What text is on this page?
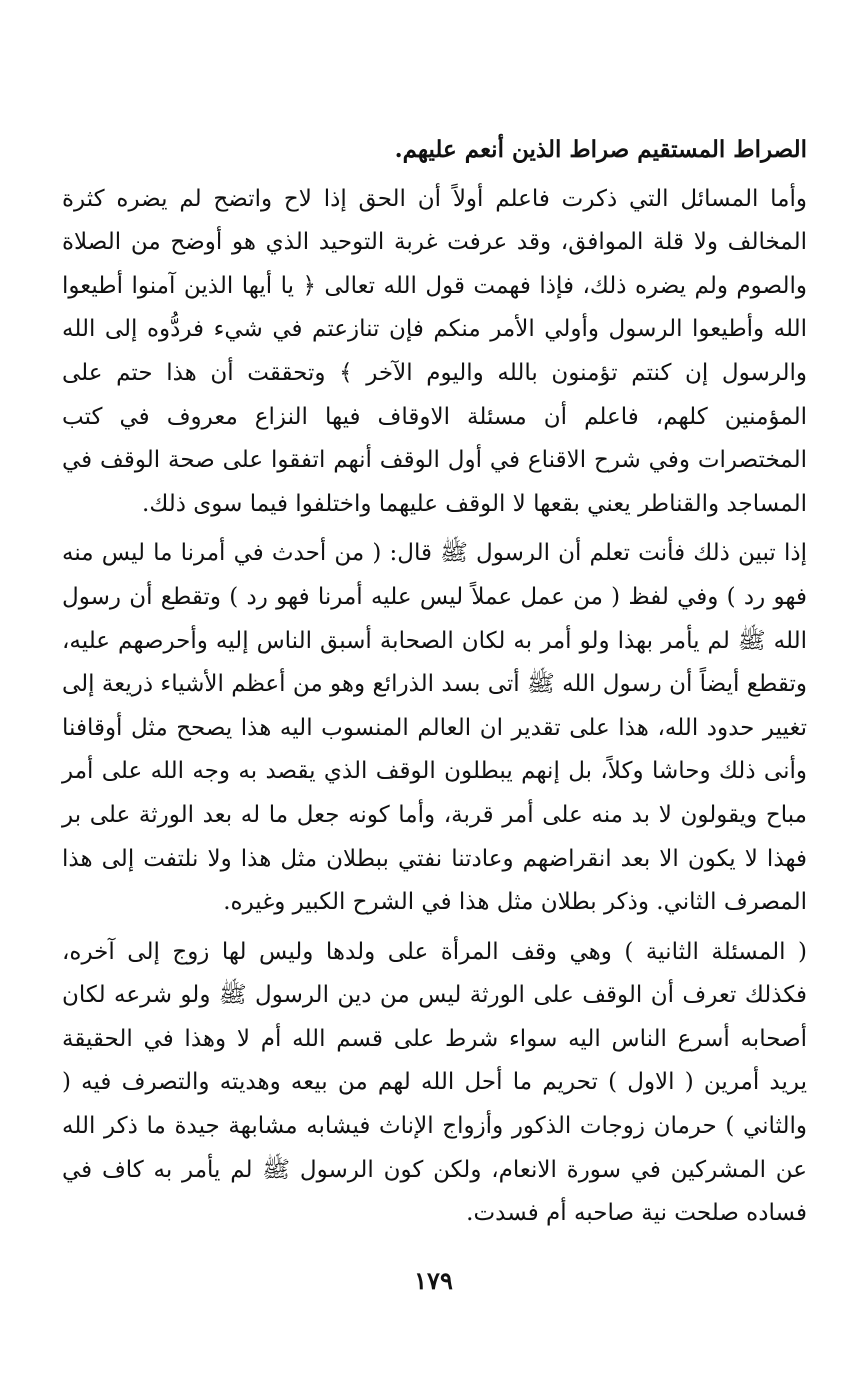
الصراط المستقيم صراط الذين أنعم عليهم.

وأما المسائل التي ذكرت فاعلم أولاً أن الحق إذا لاح واتضح لم يضره كثرة المخالف ولا قلة الموافق، وقد عرفت غربة التوحيد الذي هو أوضح من الصلاة والصوم ولم يضره ذلك، فإذا فهمت قول الله تعالى ﴿ يا أيها الذين آمنوا أطيعوا الله وأطيعوا الرسول وأولي الأمر منكم فإن تنازعتم في شيء فردُّوه إلى الله والرسول إن كنتم تؤمنون بالله واليوم الآخر ﴾ وتحققت أن هذا حتم على المؤمنين كلهم، فاعلم أن مسئلة الاوقاف فيها النزاع معروف في كتب المختصرات وفي شرح الاقناع في أول الوقف أنهم اتفقوا على صحة الوقف في المساجد والقناطر يعني بقعها لا الوقف عليهما واختلفوا فيما سوى ذلك.

إذا تبين ذلك فأنت تعلم أن الرسول ﷺ قال: ( من أحدث في أمرنا ما ليس منه فهو رد ) وفي لفظ ( من عمل عملاً ليس عليه أمرنا فهو رد ) وتقطع أن رسول الله ﷺ لم يأمر بهذا ولو أمر به لكان الصحابة أسبق الناس إليه وأحرصهم عليه، وتقطع أيضاً أن رسول الله ﷺ أتى بسد الذرائع وهو من أعظم الأشياء ذريعة إلى تغيير حدود الله، هذا على تقدير ان العالم المنسوب اليه هذا يصحح مثل أوقافنا وأنى ذلك وحاشا وكلاً، بل إنهم يبطلون الوقف الذي يقصد به وجه الله على أمر مباح ويقولون لا بد منه على أمر قربة، وأما كونه جعل ما له بعد الورثة على بر فهذا لا يكون الا بعد انقراضهم وعادتنا نفتي ببطلان مثل هذا ولا نلتفت إلى هذا المصرف الثاني. وذكر بطلان مثل هذا في الشرح الكبير وغيره.

( المسئلة الثانية ) وهي وقف المرأة على ولدها وليس لها زوج إلى آخره، فكذلك تعرف أن الوقف على الورثة ليس من دين الرسول ﷺ ولو شرعه لكان أصحابه أسرع الناس اليه سواء شرط على قسم الله أم لا وهذا في الحقيقة يريد أمرين ( الاول ) تحريم ما أحل الله لهم من بيعه وهديته والتصرف فيه ( والثاني ) حرمان زوجات الذكور وأزواج الإناث فيشابه مشابهة جيدة ما ذكر الله عن المشركين في سورة الانعام، ولكن كون الرسول ﷺ لم يأمر به كاف في فساده صلحت نية صاحبه أم فسدت.

١٧٩
